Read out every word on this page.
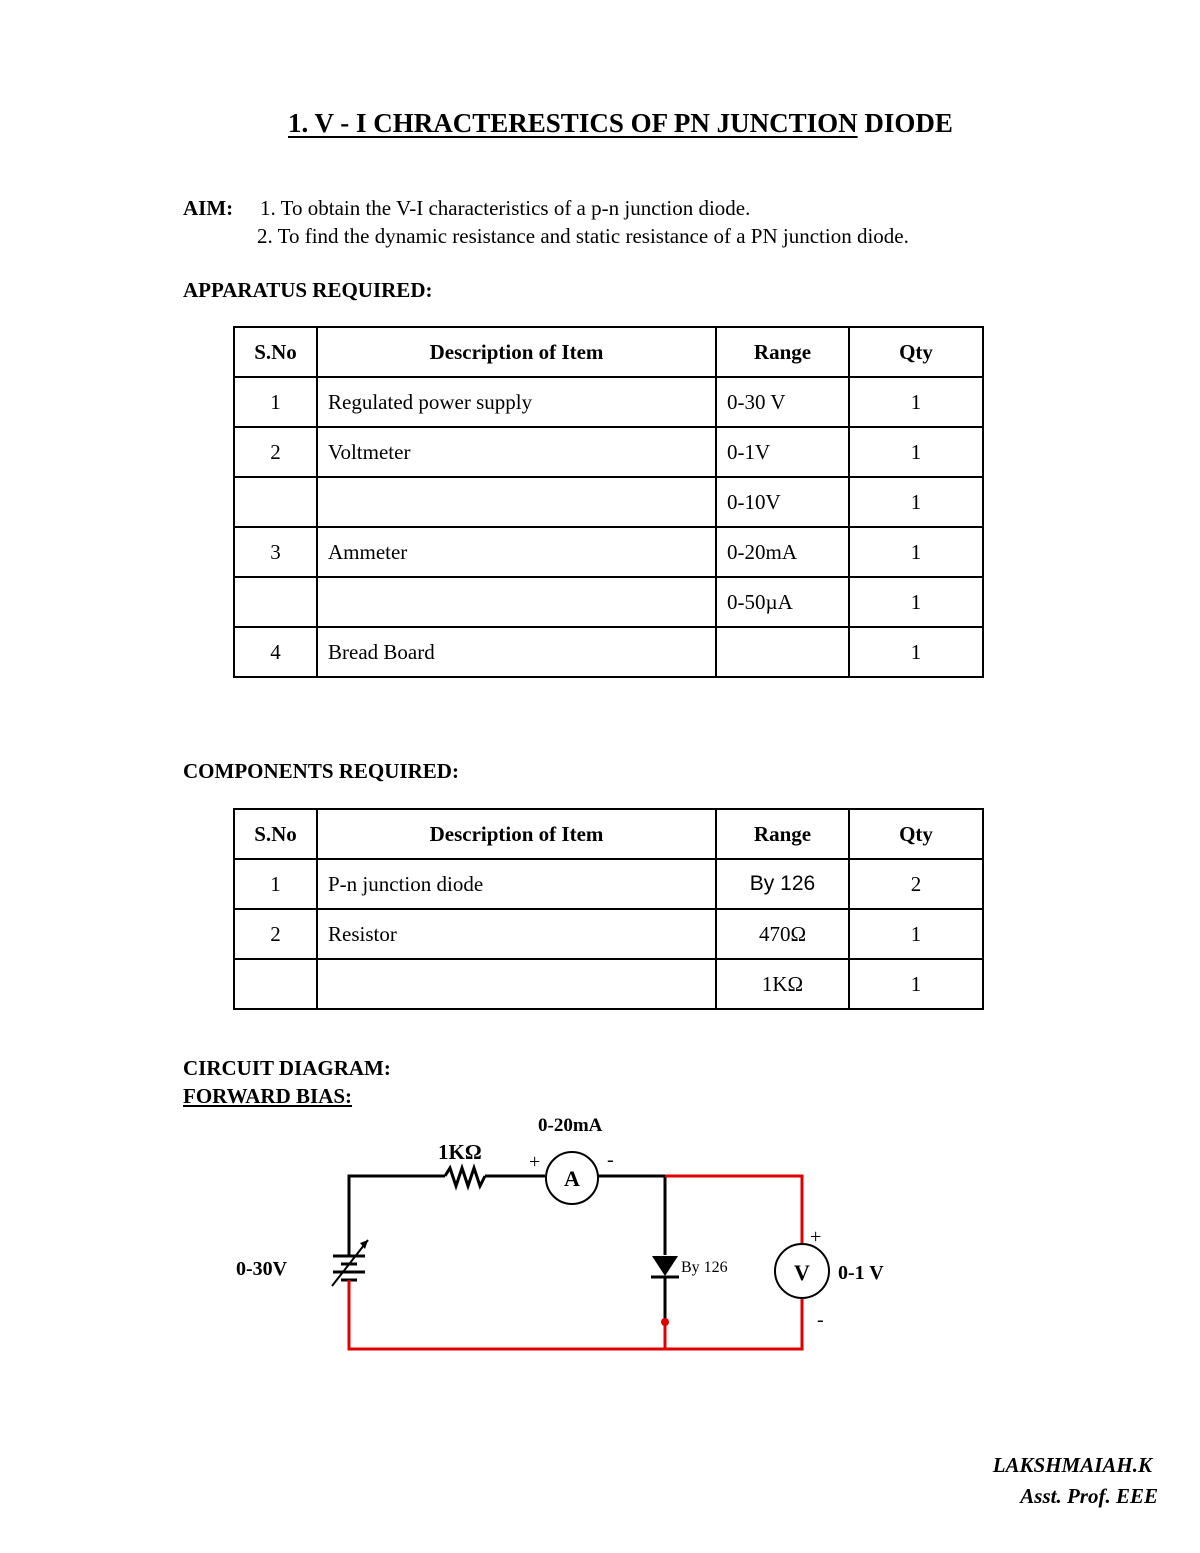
1. V - I CHRACTERESTICS OF PN JUNCTION DIODE
AIM: 1. To obtain the V-I characteristics of a p-n junction diode.
2. To find the dynamic resistance and static resistance of a PN junction diode.
APPARATUS REQUIRED:
S.No	Description of Item	Range	Qty
1	Regulated power supply	0-30 V	1
2	Voltmeter	0-1V	1
		0-10V	1
3	Ammeter	0-20mA	1
		0-50µA	1
4	Bread Board		1
COMPONENTS REQUIRED:
S.No	Description of Item	Range	Qty
1	P-n junction diode	By 126	2
2	Resistor	470Ω	1
		1KΩ	1
CIRCUIT DIAGRAM:
FORWARD BIAS:
0-20mA
1KΩ +	-
A
0-30V	By 126	V 0-1 V
+
-
LAKSHMAIAH.K
Asst. Prof. EEE
